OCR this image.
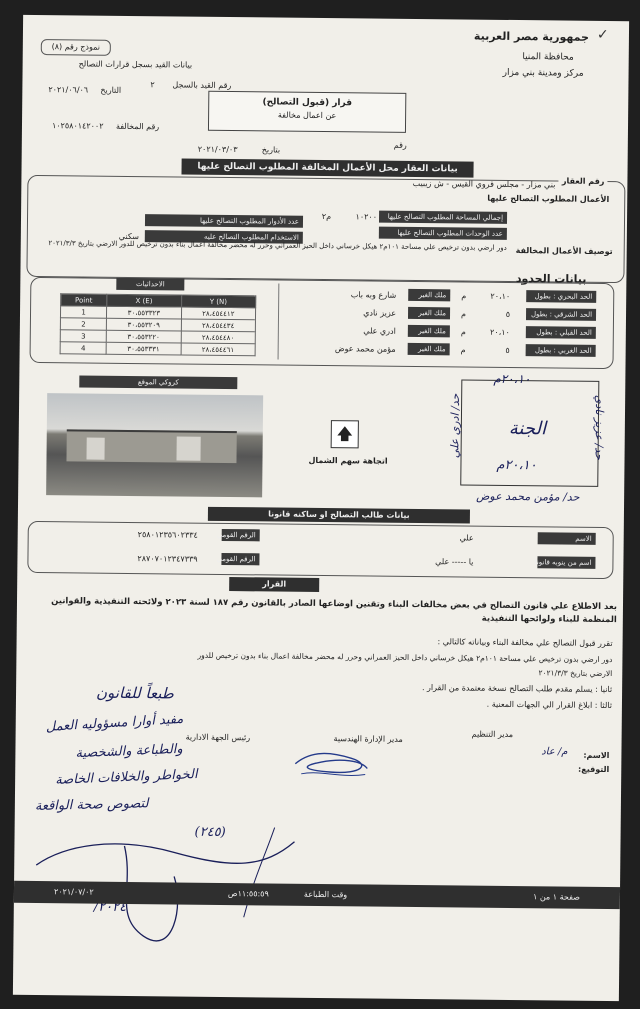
جمهورية مصر العربية
محافظة المنيا
مركز ومدينة بني مزار
✓
نموذج رقم (٨)
بيانات القيد بسجل قرارات التصالح
رقم القيد بالسجل
٢
التاريخ
٢٠٢١/٠٦/٠٦
رقم المخالفة
١٠٢٥٨٠١٤٢٠٠٢
قرار (قبول التصالح)
عن اعمال مخالفة
رقم
بتاريخ
٢٠٢١/٠٣/٠٣
بيانات العقار محل الأعمال المخالفة المطلوب التصالح عليها
رقم العقار
بني مزار - مجلس قروي القيس - ش زيبيب
الأعمال المطلوب التصالح عليها
إجمالي المساحة المطلوب التصالح عليها
١٠٢٠٠
م٢
عدد الأدوار المطلوب التصالح عليها
عدد الوحدات المطلوب التصالح عليها
الاستخدام المطلوب التصالح عليه
سكني
توصيف الأعمال المخالفة
دور ارضي بدون ترخيص علي مساحة ١٠١م٢ هيكل خرساني داخل الحيز العمراني وحرر له محضر مخالفة اعمال بناء بدون ترخيص للدور الارضي بتاريخ ٢٠٢١/٣/٣
بيانات الحدود
الحد البحري : بطول
٢٠،١٠
م
ملك الغير
شارع وبه باب
الحد الشرقي : بطول
٥
م
ملك الغير
عزيز نادي
الحد القبلي : بطول
٢٠،١٠
م
ملك الغير
ادري علي
الحد الغربي : بطول
٥
م
ملك الغير
مؤمن محمد عوض
الاحداثيات
Point	X (E)	Y (N)
1	٣٠،٥٥٣٣٢٣	٢٨،٤٥٤٤١٢
2	٣٠،٥٥٣٢٠٩	٢٨،٤٥٤٤٣٤
3	٣٠،٥٥٣٢٢٠	٢٨،٤٥٤٤٨٠
4	٣٠،٥٥٣٣٣١	٢٨،٤٥٤٤٦١
كروكي الموقع
🡅
اتجاهة سهم الشمال
٢٠،١٠م
الجنة
٢٠،١٠م
حد/ ادري علي	حد/ عزيز نادي
حد/ مؤمن محمد عوض
بيانات طالب التصالح او ساكنه قانونا
الاسم
علي
اسم من ينوبه قانونا
يا ----- علي
الرقم القومي
٢٥٨٠١٢٣٥٦٠٢٣٣٤
الرقم القومي
٢٨٧٠٧٠١٢٣٤٧٣٣٩
القرار
بعد الاطلاع علي قانون التصالح في بعض مخالفات البناء وتقنين اوضاعها الصادر بالقانون رقم ١٨٧ لسنة ٢٠٢٣ ولائحته التنفيذية والقوانين المنظمة للبناء ولوائحها التنفيذية
تقرر قبول التصالح علي مخالفة البناء وبياناته كالتالي :
دور ارضي بدون ترخيص علي مساحة ١٠١م٢ هيكل خرساني داخل الحيز العمراني وحرر له محضر مخالفة اعمال بناء بدون ترخيص للدور
الارضي بتاريخ ٢٠٢١/٣/٣
ثانيا : يسلم مقدم طلب التصالح نسخة معتمدة من القرار .
ثالثا : ابلاغ القرار الي الجهات المعنية .
رئيس الجهة الادارية	مدير الإدارة الهندسية	مدير التنظيم
الاسم:
التوقيع:
م/ عاد
طبعاً للقانون
مفيد أوارا مسؤوليه العمل
والطباعة والشخصية
الخواطر والخلافات الخاصة
لتصوص صحة الواقعة
(٢٤٥)
٢٠٢٤/
صفحة ١ من ١
وقت الطباعة
١١:٥٥:٥٩ص
٢٠٢١/٠٧/٠٢
